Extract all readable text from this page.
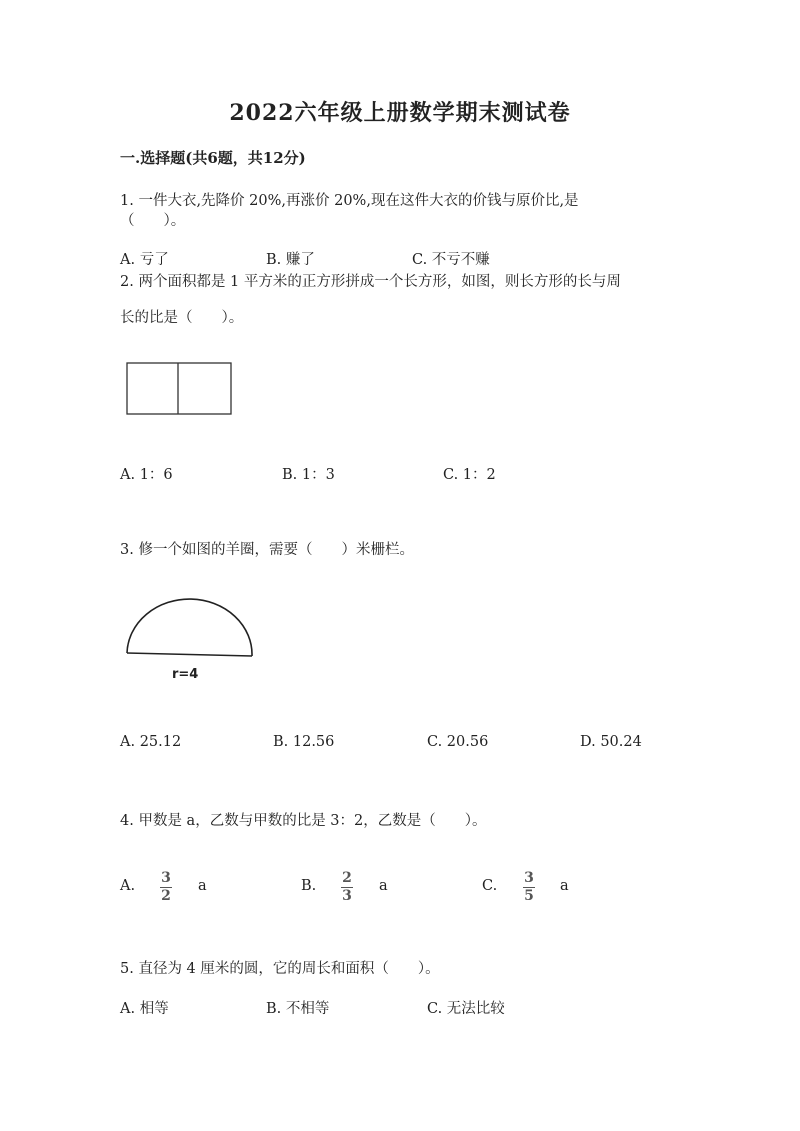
2022六年级上册数学期末测试卷
一.选择题(共6题，共12分)
1. 一件大衣,先降价 20%,再涨价 20%,现在这件大衣的价钱与原价比,是
（　　）。
A. 亏了	B. 赚了	C. 不亏不赚
2. 两个面积都是 1 平方米的正方形拼成一个长方形，如图，则长方形的长与周
长的比是（　　）。
A. 1：6	B. 1：3	C. 1：2
3. 修一个如图的羊圈，需要（　　）米栅栏。
r=4
A. 25.12	B. 12.56	C. 20.56	D. 50.24
4. 甲数是 a，乙数与甲数的比是 3：2，乙数是（　　）。
A. 3
2
a	B. 2
3
a	C. 3
5
a
5. 直径为 4 厘米的圆，它的周长和面积（　　）。
A. 相等	B. 不相等	C. 无法比较
